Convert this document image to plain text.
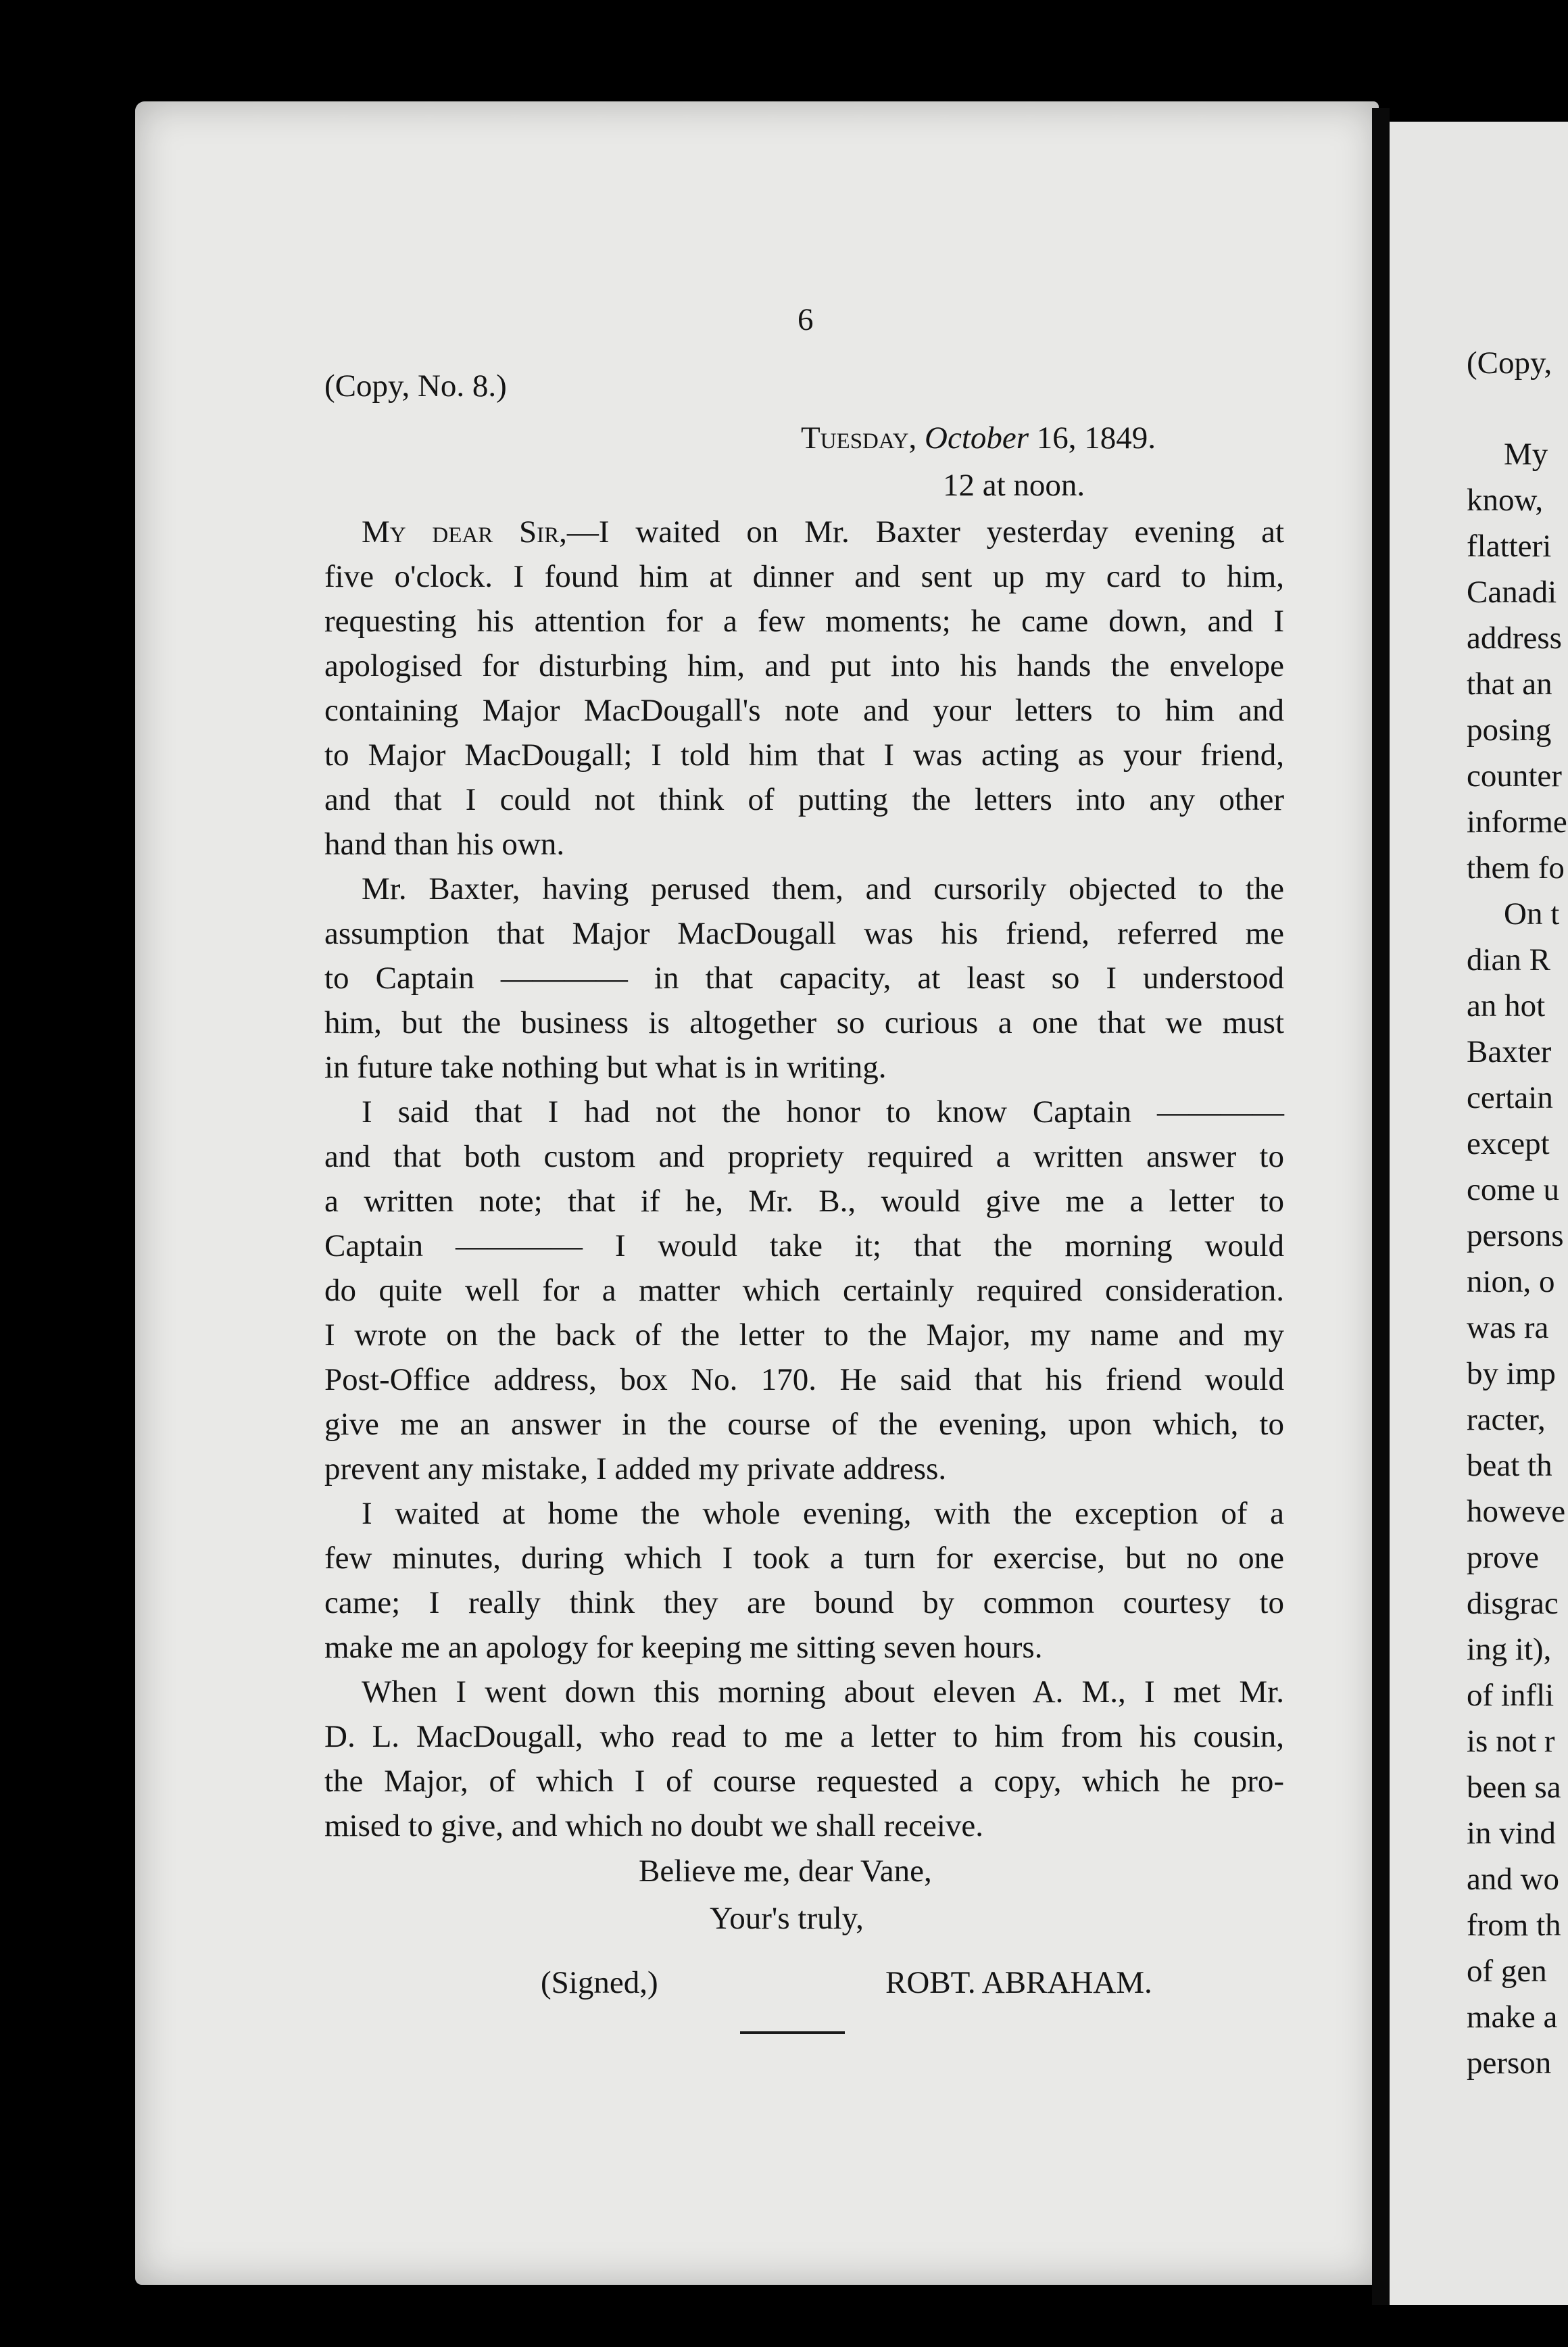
6
(Copy, No. 8.)
Tuesday, October 16, 1849.
12 at noon.
My dear Sir,—I waited on Mr. Baxter yesterday evening at
five o'clock. I found him at dinner and sent up my card to him,
requesting his attention for a few moments; he came down, and I
apologised for disturbing him, and put into his hands the envelope
containing Major MacDougall's note and your letters to him and
to Major MacDougall; I told him that I was acting as your friend,
and that I could not think of putting the letters into any other
hand than his own.
Mr. Baxter, having perused them, and cursorily objected to the
assumption that Major MacDougall was his friend, referred me
to Captain ———— in that capacity, at least so I understood
him, but the business is altogether so curious a one that we must
in future take nothing but what is in writing.
I said that I had not the honor to know Captain ————
and that both custom and propriety required a written answer to
a written note; that if he, Mr. B., would give me a letter to
Captain ———— I would take it; that the morning would
do quite well for a matter which certainly required consideration.
I wrote on the back of the letter to the Major, my name and my
Post-Office address, box No. 170. He said that his friend would
give me an answer in the course of the evening, upon which, to
prevent any mistake, I added my private address.
I waited at home the whole evening, with the exception of a
few minutes, during which I took a turn for exercise, but no one
came; I really think they are bound by common courtesy to
make me an apology for keeping me sitting seven hours.
When I went down this morning about eleven A. M., I met Mr.
D. L. MacDougall, who read to me a letter to him from his cousin,
the Major, of which I of course requested a copy, which he pro-
mised to give, and which no doubt we shall receive.
Believe me, dear Vane,
Your's truly,
(Signed,)	ROBT. ABRAHAM.
(Copy,
My
know,
flatteri
Canadi
address
that an
posing
counter
informe
them fo
On t
dian R
an hot
Baxter
certain
except
come u
persons
nion, o
was ra
by imp
racter,
beat th
howeve
prove
disgrac
ing it),
of infli
is not r
been sa
in vind
and wo
from th
of gen
make a
person
